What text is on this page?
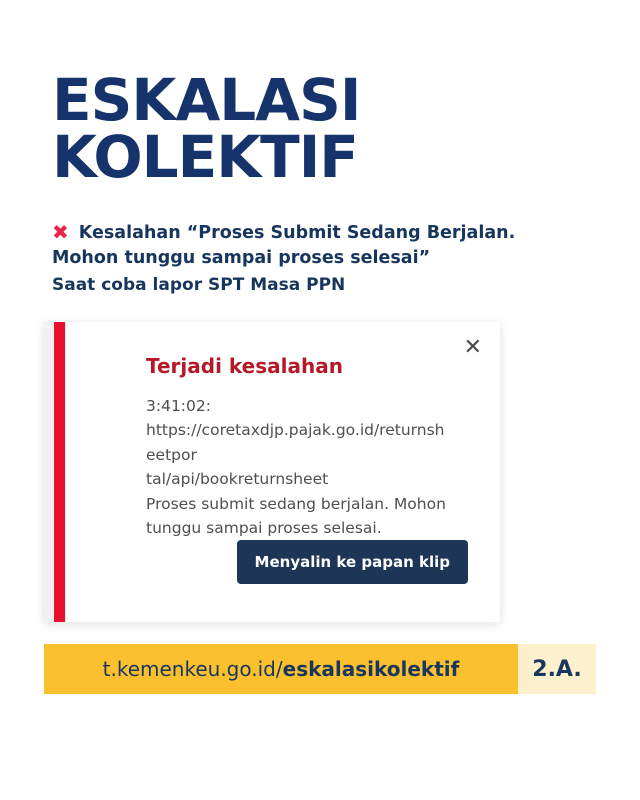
ESKALASI
KOLEKTIF
✖ Kesalahan “Proses Submit Sedang Berjalan.
Mohon tunggu sampai proses selesai”
Saat coba lapor SPT Masa PPN
✕
Terjadi kesalahan
3:41:02:
https://coretaxdjp.pajak.go.id/returnsheetpor
tal/api/bookreturnsheet
Proses submit sedang berjalan. Mohon
tunggu sampai proses selesai.
Menyalin ke papan klip
t.kemenkeu.go.id/ eskalasikolektif	2.A.
